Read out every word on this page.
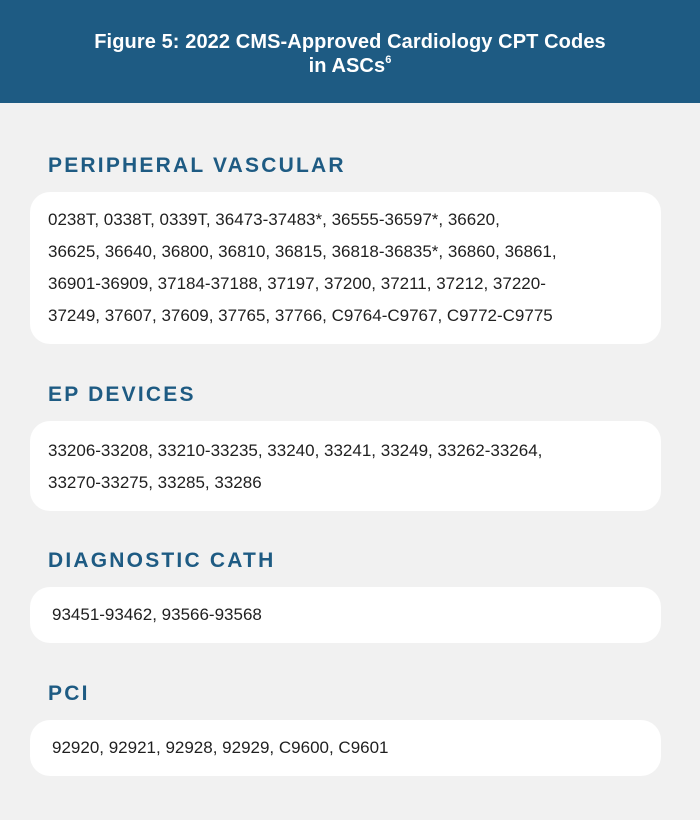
Figure 5: 2022 CMS-Approved Cardiology CPT Codes
in ASCs$^6$
PERIPHERAL VASCULAR

0238T, 0338T, 0339T, 36473-37483*, 36555-36597*, 36620,

36625, 36640, 36800, 36810, 36815, 36818-36835*, 36860, 36861,

36901-36909, 37184-37188, 37197, 37200, 37211, 37212, 37220-

37249, 37607, 37609, 37765, 37766, C9764-C9767, C9772-C9775

EP DEVICES

33206-33208, 33210-33235, 33240, 33241, 33249, 33262-33264,

33270-33275, 33285, 33286

DIAGNOSTIC CATH

93451-93462, 93566-93568

PCI

92920, 92921, 92928, 92929, C9600, C9601
